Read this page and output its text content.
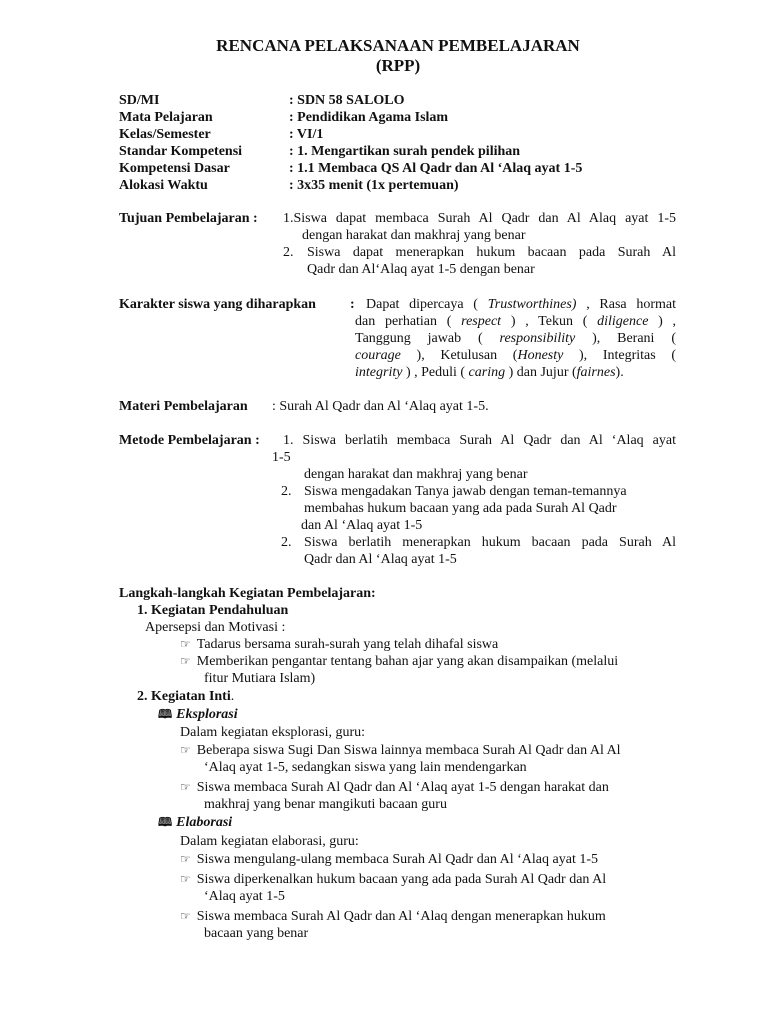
RENCANA PELAKSANAAN PEMBELAJARAN
(RPP)
SD/MI	: SDN 58 SALOLO
Mata Pelajaran	: Pendidikan Agama Islam
Kelas/Semester	: VI/1
Standar Kompetensi	: 1. Mengartikan surah pendek pilihan
Kompetensi Dasar	: 1.1 Membaca QS Al Qadr dan Al ‘Alaq ayat 1-5
Alokasi Waktu	: 3x35 menit (1x pertemuan)
Tujuan Pembelajaran : 1.Siswa dapat membaca Surah Al Qadr dan Al Alaq ayat 1-5
dengan harakat dan makhraj yang benar
2. Siswa dapat menerapkan hukum bacaan pada Surah Al
Qadr dan Al‘Alaq ayat 1-5 dengan benar
Karakter siswa yang diharapkan : Dapat dipercaya ( Trustworthines) , Rasa hormat
dan perhatian ( respect ) , Tekun ( diligence ) ,
Tanggung jawab ( responsibility ), Berani (
courage ), Ketulusan (Honesty ), Integritas (
integrity ) , Peduli ( caring ) dan Jujur (fairnes).
Materi Pembelajaran : Surah Al Qadr dan Al ‘Alaq ayat 1-5.
Metode Pembelajaran : 1. Siswa berlatih membaca Surah Al Qadr dan Al ‘Alaq ayat
1-5
dengan harakat dan makhraj yang benar
2. Siswa mengadakan Tanya jawab dengan teman-temannya
membahas hukum bacaan yang ada pada Surah Al Qadr
dan Al ‘Alaq ayat 1-5
2. Siswa berlatih menerapkan hukum bacaan pada Surah Al
Qadr dan Al ‘Alaq ayat 1-5
Langkah-langkah Kegiatan Pembelajaran:
1. Kegiatan Pendahuluan
Apersepsi dan Motivasi :
☞ Tadarus bersama surah-surah yang telah dihafal siswa
☞ Memberikan pengantar tentang bahan ajar yang akan disampaikan (melalui
fitur Mutiara Islam)
2. Kegiatan Inti.
🕮 Eksplorasi
Dalam kegiatan eksplorasi, guru:
☞ Beberapa siswa Sugi Dan Siswa lainnya membaca Surah Al Qadr dan Al Al
‘Alaq ayat 1-5, sedangkan siswa yang lain mendengarkan
☞ Siswa membaca Surah Al Qadr dan Al ‘Alaq ayat 1-5 dengan harakat dan
makhraj yang benar mangikuti bacaan guru
🕮 Elaborasi
Dalam kegiatan elaborasi, guru:
☞ Siswa mengulang-ulang membaca Surah Al Qadr dan Al ‘Alaq ayat 1-5
☞ Siswa diperkenalkan hukum bacaan yang ada pada Surah Al Qadr dan Al
‘Alaq ayat 1-5
☞ Siswa membaca Surah Al Qadr dan Al ‘Alaq dengan menerapkan hukum
bacaan yang benar
